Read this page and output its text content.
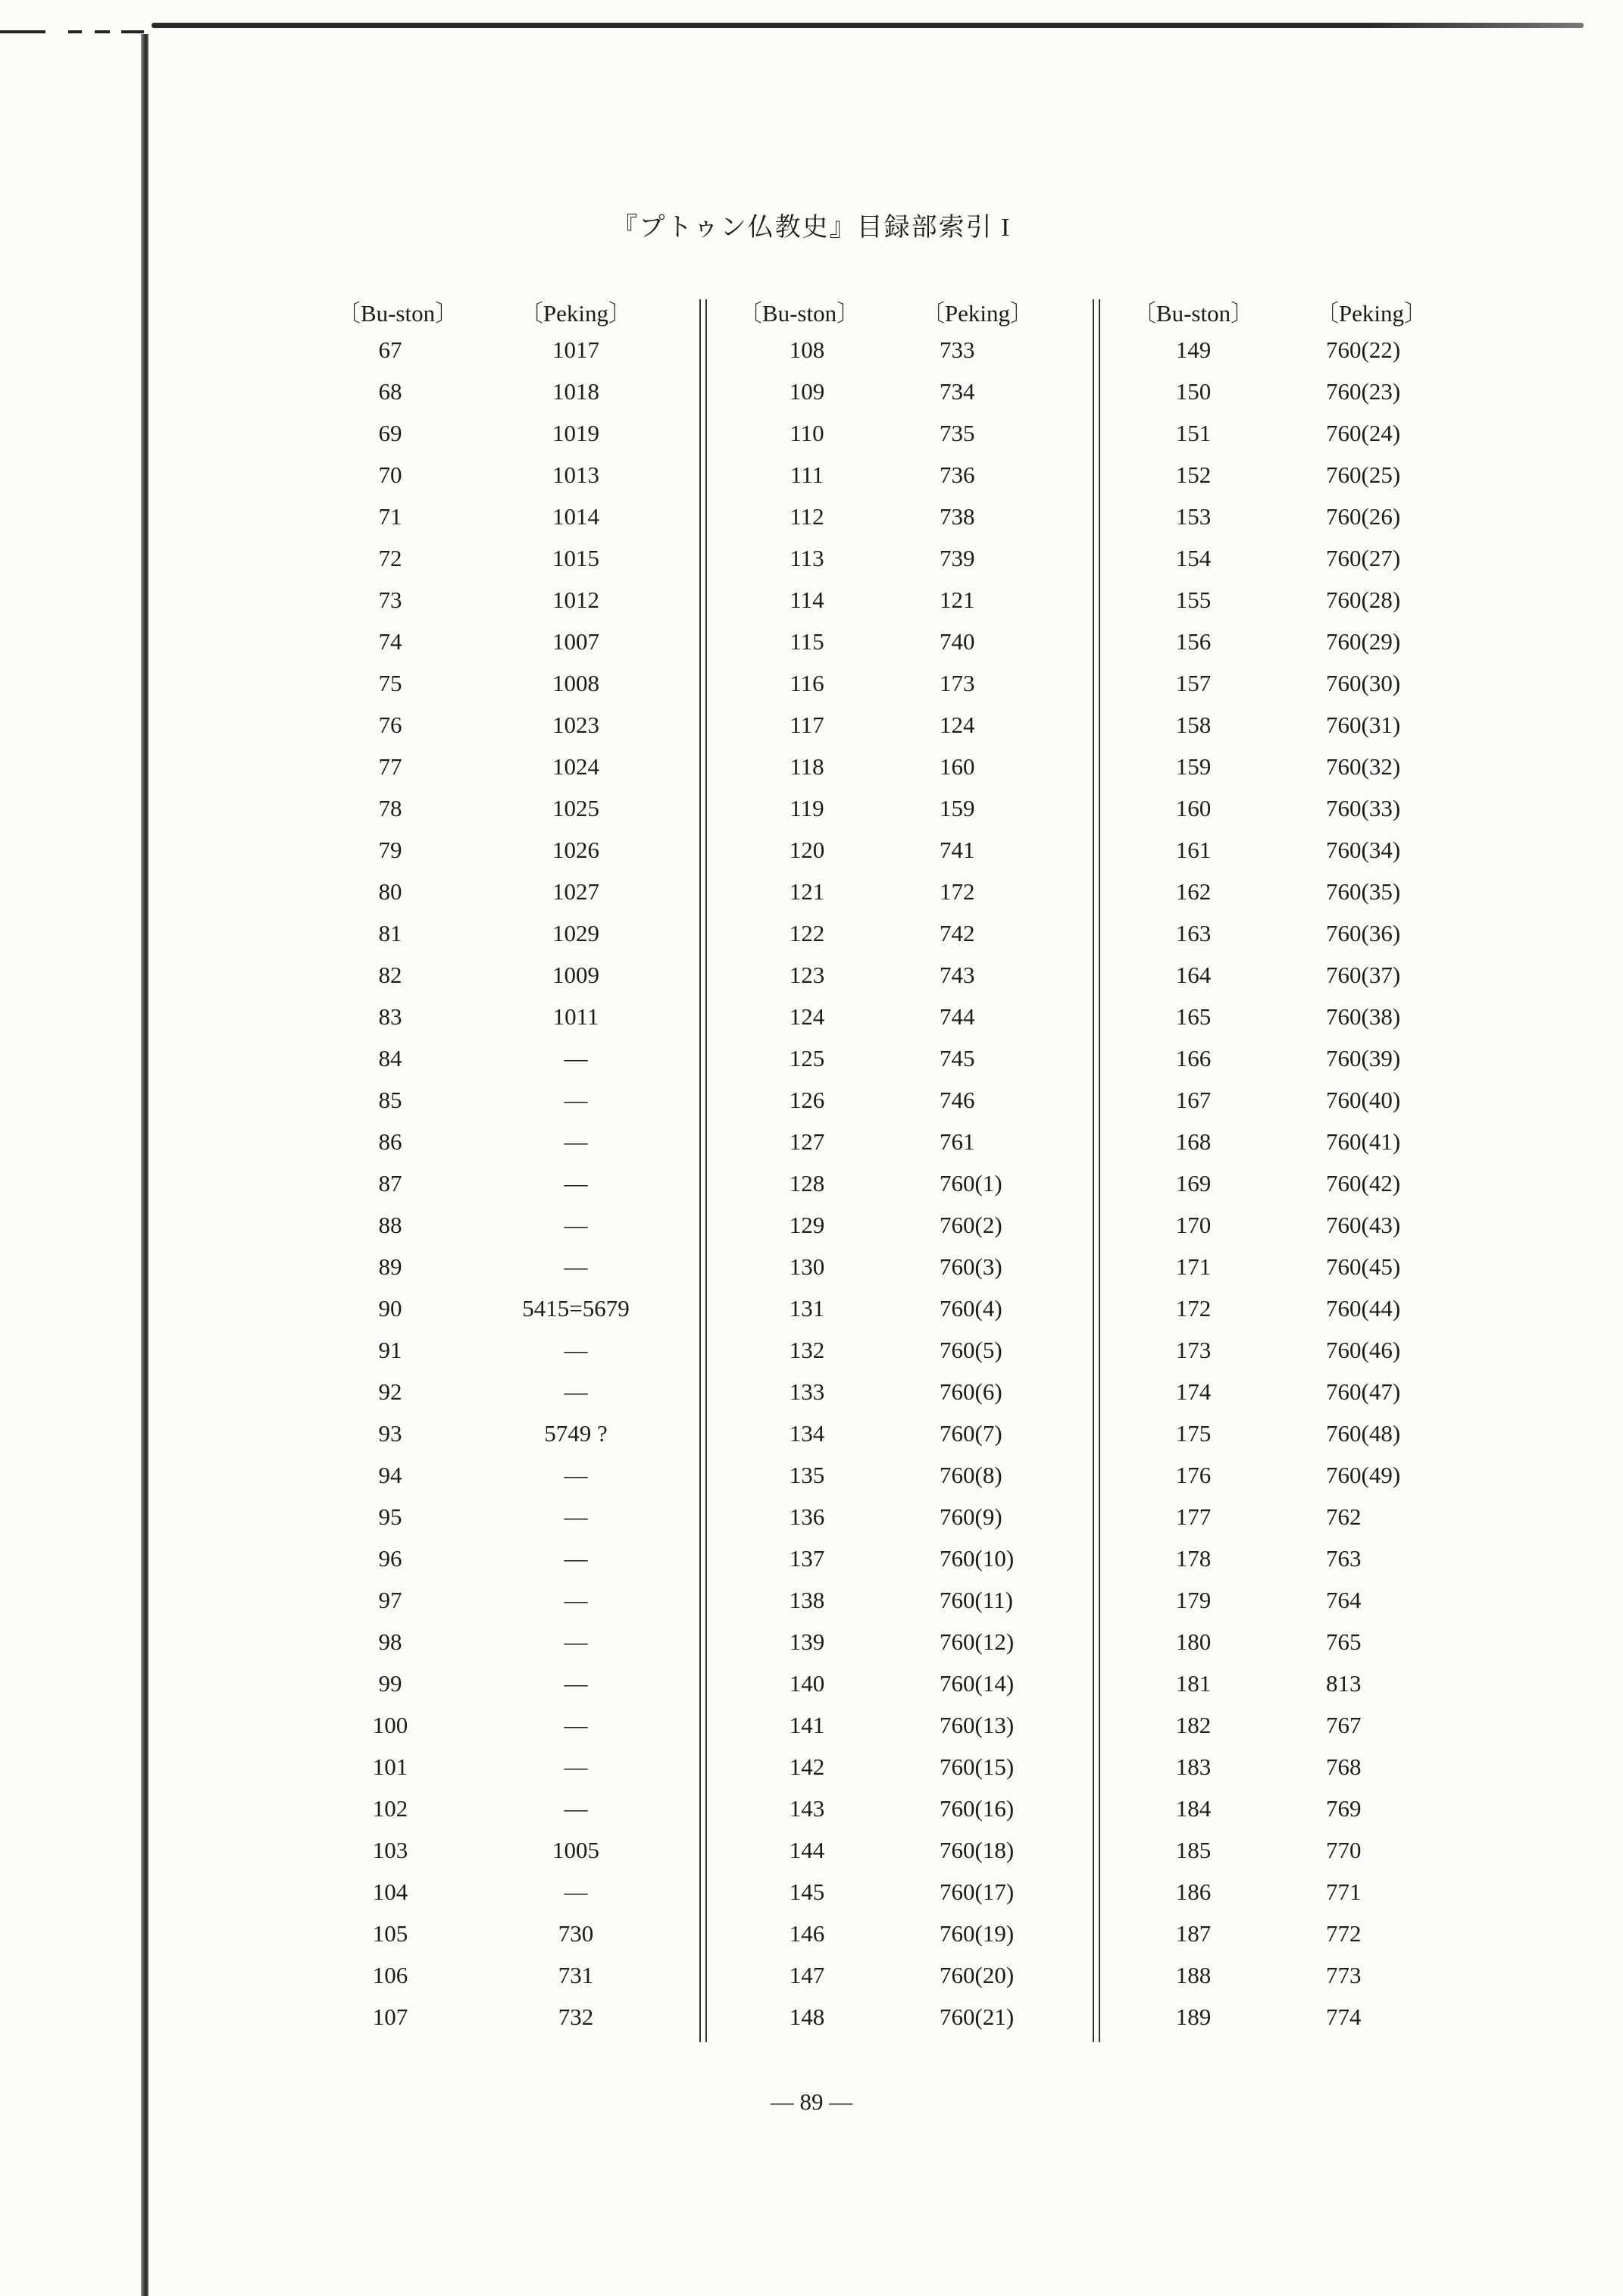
『プトゥン仏教史』目録部索引 I
〔Bu-ston〕	〔Peking〕
67	1017
68	1018
69	1019
70	1013
71	1014
72	1015
73	1012
74	1007
75	1008
76	1023
77	1024
78	1025
79	1026
80	1027
81	1029
82	1009
83	1011
84	—
85	—
86	—
87	—
88	—
89	—
90	5415=5679
91	—
92	—
93	5749 ?
94	—
95	—
96	—
97	—
98	—
99	—
100	—
101	—
102	—
103	1005
104	—
105	730
106	731
107	732
〔Bu-ston〕	〔Peking〕
108	733
109	734
110	735
111	736
112	738
113	739
114	121
115	740
116	173
117	124
118	160
119	159
120	741
121	172
122	742
123	743
124	744
125	745
126	746
127	761
128	760(1)
129	760(2)
130	760(3)
131	760(4)
132	760(5)
133	760(6)
134	760(7)
135	760(8)
136	760(9)
137	760(10)
138	760(11)
139	760(12)
140	760(14)
141	760(13)
142	760(15)
143	760(16)
144	760(18)
145	760(17)
146	760(19)
147	760(20)
148	760(21)
〔Bu-ston〕	〔Peking〕
149	760(22)
150	760(23)
151	760(24)
152	760(25)
153	760(26)
154	760(27)
155	760(28)
156	760(29)
157	760(30)
158	760(31)
159	760(32)
160	760(33)
161	760(34)
162	760(35)
163	760(36)
164	760(37)
165	760(38)
166	760(39)
167	760(40)
168	760(41)
169	760(42)
170	760(43)
171	760(45)
172	760(44)
173	760(46)
174	760(47)
175	760(48)
176	760(49)
177	762
178	763
179	764
180	765
181	813
182	767
183	768
184	769
185	770
186	771
187	772
188	773
189	774
— 89 —
